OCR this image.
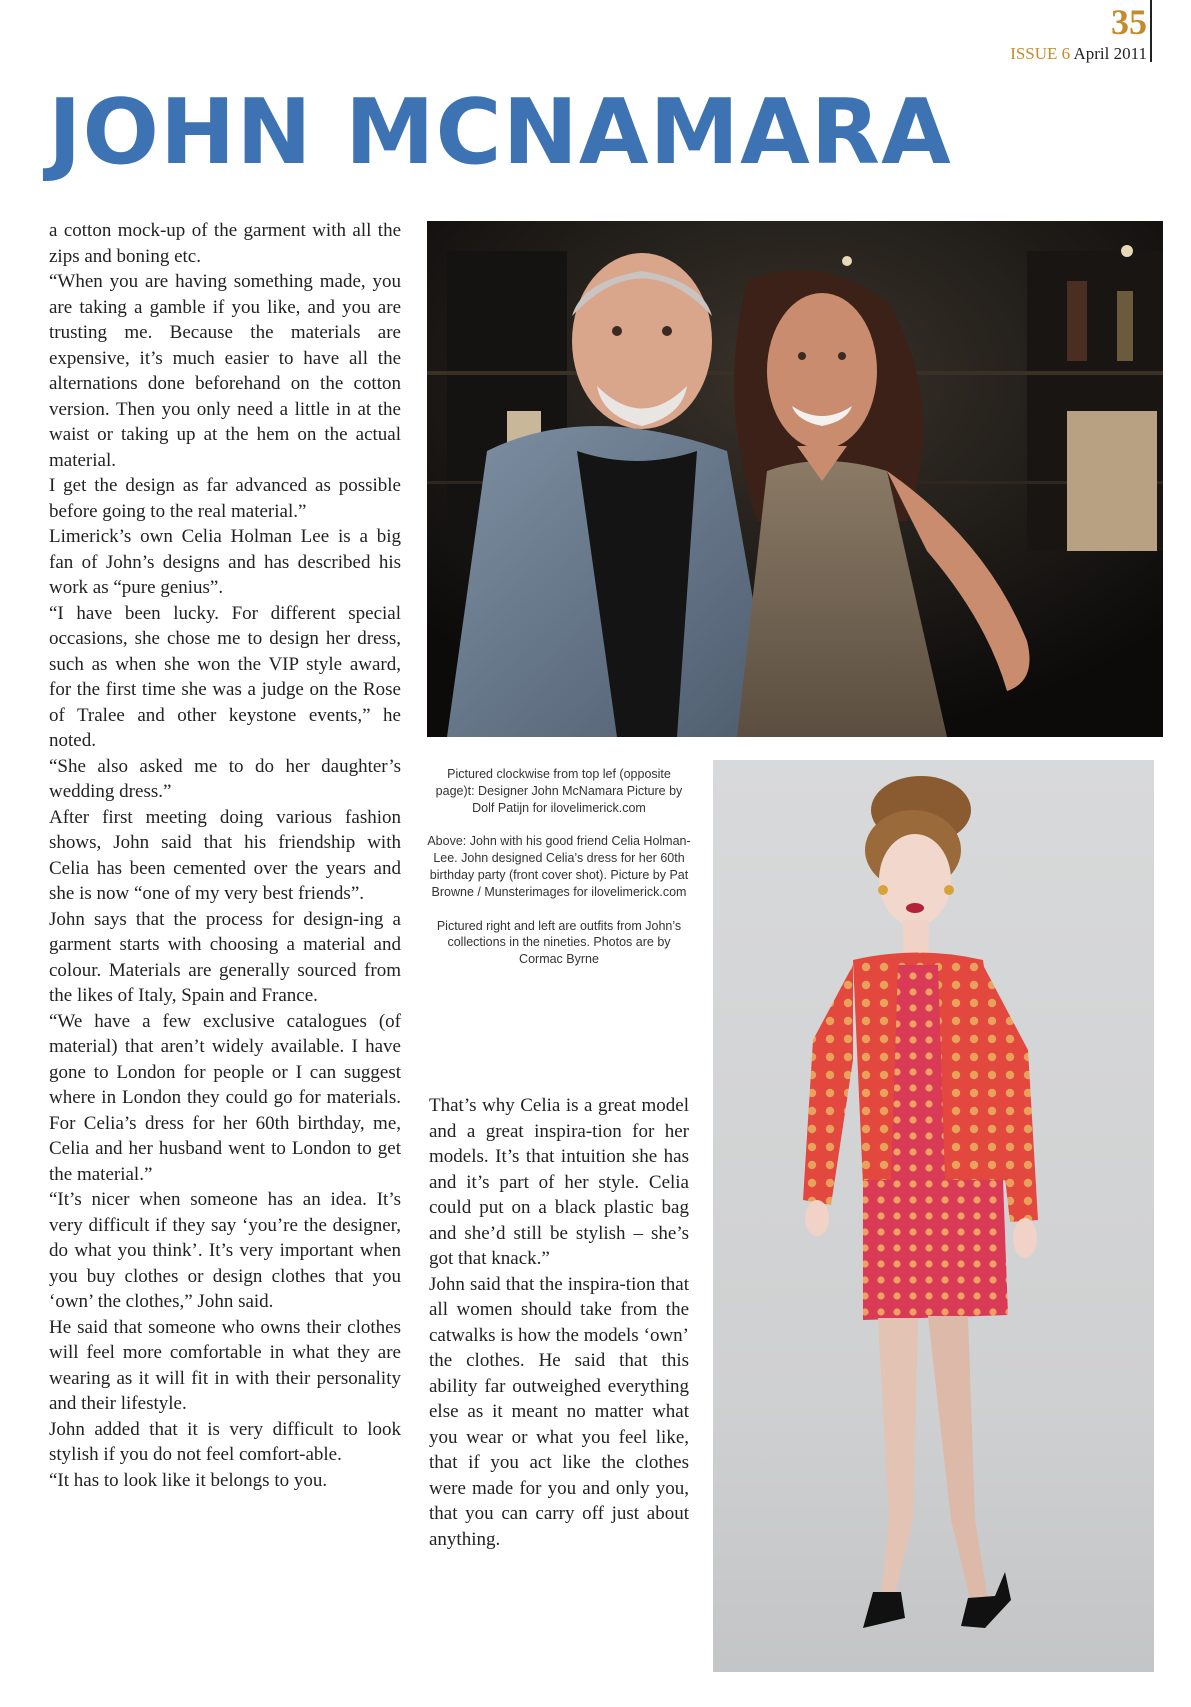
35
ISSUE 6 April 2011
JOHN MCNAMARA

a cotton mock-up of the garment with all the zips and boning etc.

“When you are having something made, you are taking a gamble if you like, and you are trusting me. Because the materials are expensive, it’s much easier to have all the alternations done beforehand on the cotton version. Then you only need a little in at the waist or taking up at the hem on the actual material.

I get the design as far advanced as possible before going to the real material.”

Limerick’s own Celia Holman Lee is a big fan of John’s designs and has described his work as “pure genius”.

“I have been lucky. For different special occasions, she chose me to design her dress, such as when she won the VIP style award, for the first time she was a judge on the Rose of Tralee and other keystone events,” he noted.

“She also asked me to do her daughter’s wedding dress.”

After first meeting doing various fashion shows, John said that his friendship with Celia has been cemented over the years and she is now “one of my very best friends”.

John says that the process for design-ing a garment starts with choosing a material and colour. Materials are generally sourced from the likes of Italy, Spain and France.

“We have a few exclusive catalogues (of material) that aren’t widely available. I have gone to London for people or I can suggest where in London they could go for materials. For Celia’s dress for her 60th birthday, me, Celia and her husband went to London to get the material.”

“It’s nicer when someone has an idea. It’s very difficult if they say ‘you’re the designer, do what you think’. It’s very important when you buy clothes or design clothes that you ‘own’ the clothes,” John said.

He said that someone who owns their clothes will feel more comfortable in what they are wearing as it will fit in with their personality and their lifestyle.

John added that it is very difficult to look stylish if you do not feel comfort-able.

“It has to look like it belongs to you.

Pictured clockwise from top lef (opposite page)t: Designer John McNamara Picture by Dolf Patijn for ilovelimerick.com

Above: John with his good friend Celia Holman-Lee. John designed Celia’s dress for her 60th birthday party (front cover shot). Picture by Pat Browne / Munsterimages for ilovelimerick.com

Pictured right and left are outfits from John’s collections in the nineties. Photos are by Cormac Byrne

That’s why Celia is a great model and a great inspira-tion for her models. It’s that intuition she has and it’s part of her style. Celia could put on a black plastic bag and she’d still be stylish – she’s got that knack.”

John said that the inspira-tion that all women should take from the catwalks is how the models ‘own’ the clothes. He said that this ability far outweighed everything else as it meant no matter what you wear or what you feel like, that if you act like the clothes were made for you and only you, that you can carry off just about anything.
